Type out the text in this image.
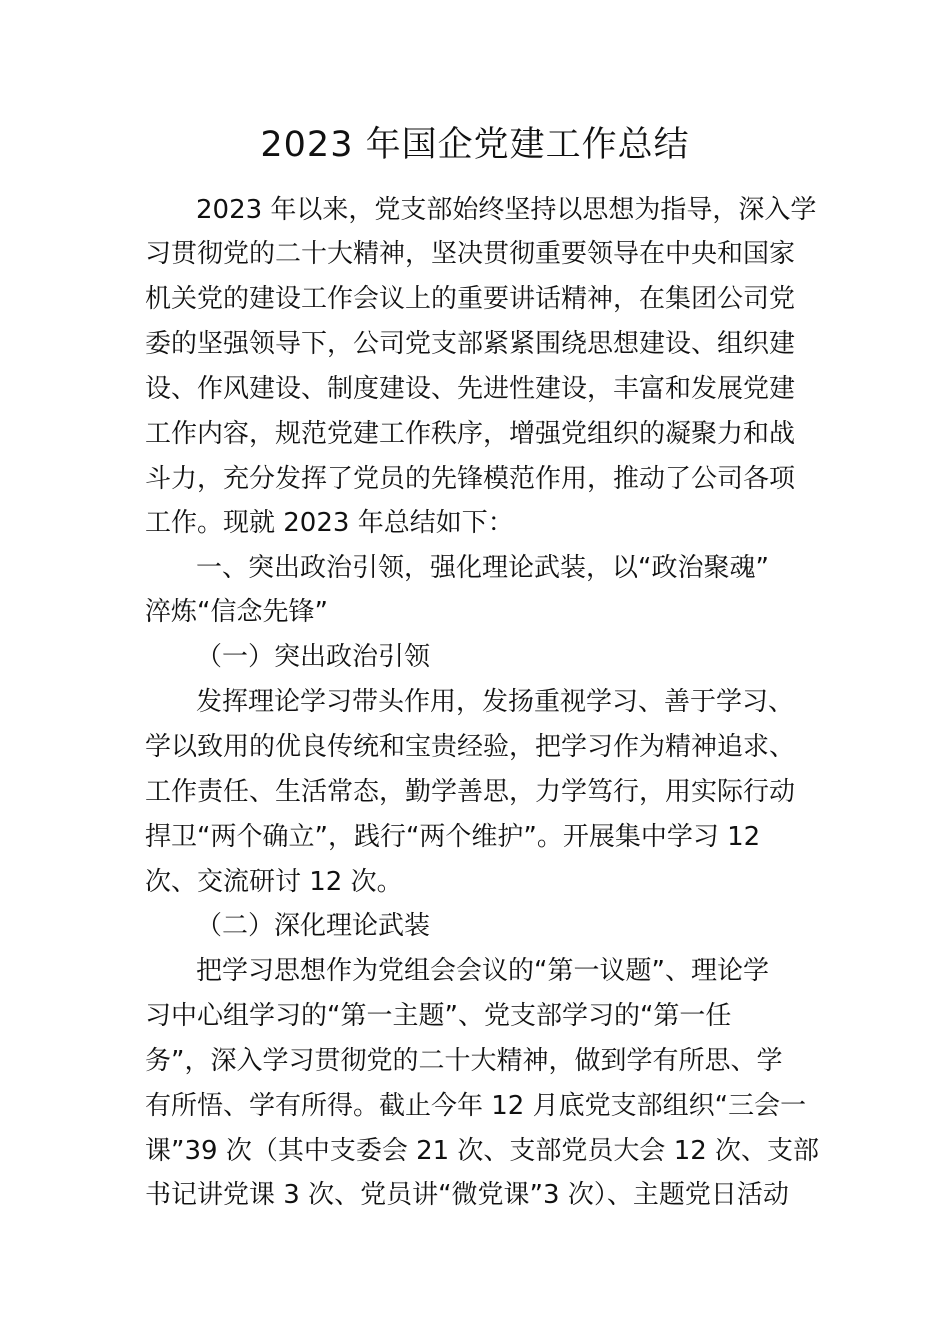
2023 年国企党建工作总结
2023 年以来，党支部始终坚持以思想为指导，深入学
习贯彻党的二十大精神，坚决贯彻重要领导在中央和国家
机关党的建设工作会议上的重要讲话精神，在集团公司党
委的坚强领导下，公司党支部紧紧围绕思想建设、组织建
设、作风建设、制度建设、先进性建设，丰富和发展党建
工作内容，规范党建工作秩序，增强党组织的凝聚力和战
斗力，充分发挥了党员的先锋模范作用，推动了公司各项
工作。现就 2023 年总结如下：
一、突出政治引领，强化理论武装，以“政治聚魂”
淬炼“信念先锋”
（一）突出政治引领
发挥理论学习带头作用，发扬重视学习、善于学习、
学以致用的优良传统和宝贵经验，把学习作为精神追求、
工作责任、生活常态，勤学善思，力学笃行，用实际行动
捍卫“两个确立”，践行“两个维护”。开展集中学习 12
次、交流研讨 12 次。
（二）深化理论武装
把学习思想作为党组会会议的“第一议题”、理论学
习中心组学习的“第一主题”、党支部学习的“第一任
务”，深入学习贯彻党的二十大精神，做到学有所思、学
有所悟、学有所得。截止今年 12 月底党支部组织“三会一
课”39 次（其中支委会 21 次、支部党员大会 12 次、支部
书记讲党课 3 次、党员讲“微党课”3 次）、主题党日活动
